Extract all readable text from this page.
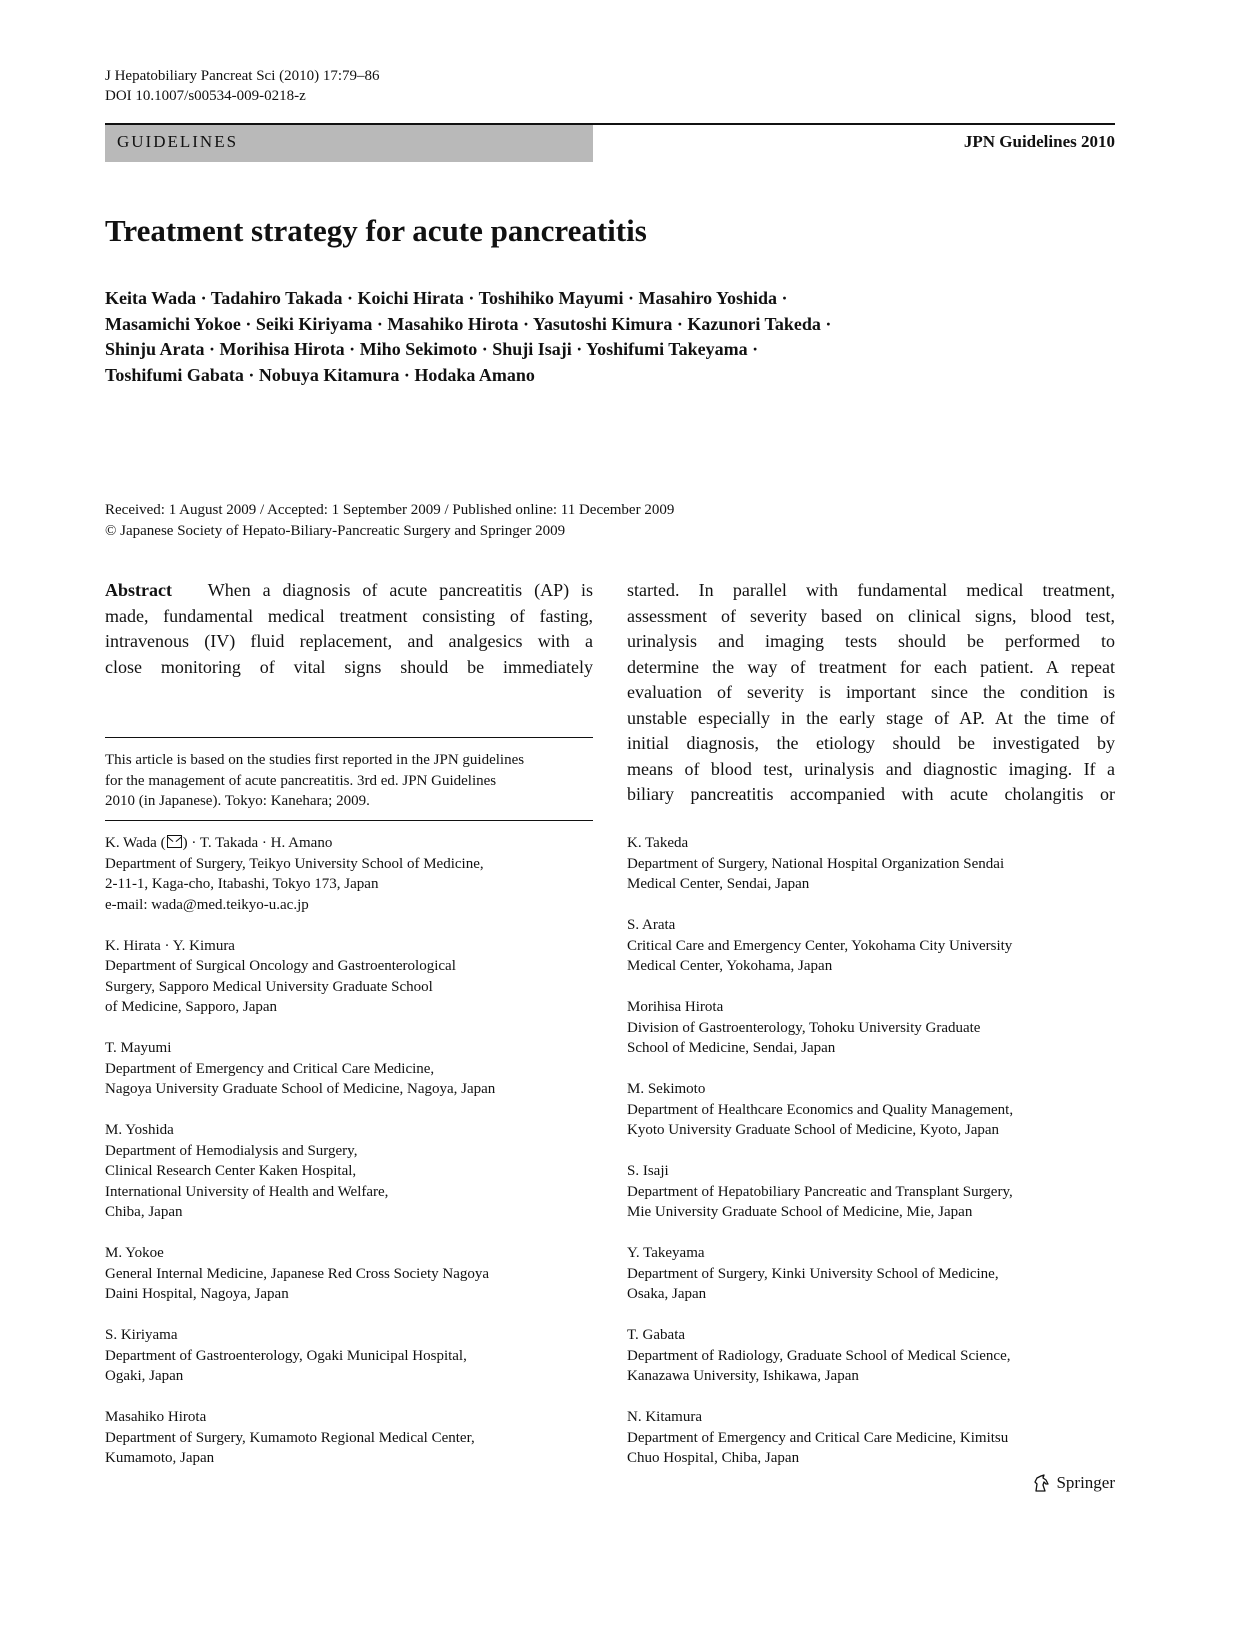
J Hepatobiliary Pancreat Sci (2010) 17:79–86
DOI 10.1007/s00534-009-0218-z
GUIDELINES	JPN Guidelines 2010
Treatment strategy for acute pancreatitis
Keita Wada · Tadahiro Takada · Koichi Hirata · Toshihiko Mayumi · Masahiro Yoshida ·
Masamichi Yokoe · Seiki Kiriyama · Masahiko Hirota · Yasutoshi Kimura · Kazunori Takeda ·
Shinju Arata · Morihisa Hirota · Miho Sekimoto · Shuji Isaji · Yoshifumi Takeyama ·
Toshifumi Gabata · Nobuya Kitamura · Hodaka Amano
Received: 1 August 2009 / Accepted: 1 September 2009 / Published online: 11 December 2009
© Japanese Society of Hepato-Biliary-Pancreatic Surgery and Springer 2009
Abstract When a diagnosis of acute pancreatitis (AP) is
made, fundamental medical treatment consisting of fasting,
intravenous (IV) fluid replacement, and analgesics with a
close monitoring of vital signs should be immediately
started. In parallel with fundamental medical treatment,
assessment of severity based on clinical signs, blood test,
urinalysis and imaging tests should be performed to
determine the way of treatment for each patient. A repeat
evaluation of severity is important since the condition is
unstable especially in the early stage of AP. At the time of
initial diagnosis, the etiology should be investigated by
means of blood test, urinalysis and diagnostic imaging. If a
biliary pancreatitis accompanied with acute cholangitis or
This article is based on the studies first reported in the JPN guidelines
for the management of acute pancreatitis. 3rd ed. JPN Guidelines
2010 (in Japanese). Tokyo: Kanehara; 2009.
K. Wada ( ) · T. Takada · H. Amano
Department of Surgery, Teikyo University School of Medicine,
2-11-1, Kaga-cho, Itabashi, Tokyo 173, Japan
e-mail: wada@med.teikyo-u.ac.jp
K. Hirata · Y. Kimura
Department of Surgical Oncology and Gastroenterological
Surgery, Sapporo Medical University Graduate School
of Medicine, Sapporo, Japan
T. Mayumi
Department of Emergency and Critical Care Medicine,
Nagoya University Graduate School of Medicine, Nagoya, Japan
M. Yoshida
Department of Hemodialysis and Surgery,
Clinical Research Center Kaken Hospital,
International University of Health and Welfare,
Chiba, Japan
M. Yokoe
General Internal Medicine, Japanese Red Cross Society Nagoya
Daini Hospital, Nagoya, Japan
S. Kiriyama
Department of Gastroenterology, Ogaki Municipal Hospital,
Ogaki, Japan
Masahiko Hirota
Department of Surgery, Kumamoto Regional Medical Center,
Kumamoto, Japan
K. Takeda
Department of Surgery, National Hospital Organization Sendai
Medical Center, Sendai, Japan
S. Arata
Critical Care and Emergency Center, Yokohama City University
Medical Center, Yokohama, Japan
Morihisa Hirota
Division of Gastroenterology, Tohoku University Graduate
School of Medicine, Sendai, Japan
M. Sekimoto
Department of Healthcare Economics and Quality Management,
Kyoto University Graduate School of Medicine, Kyoto, Japan
S. Isaji
Department of Hepatobiliary Pancreatic and Transplant Surgery,
Mie University Graduate School of Medicine, Mie, Japan
Y. Takeyama
Department of Surgery, Kinki University School of Medicine,
Osaka, Japan
T. Gabata
Department of Radiology, Graduate School of Medical Science,
Kanazawa University, Ishikawa, Japan
N. Kitamura
Department of Emergency and Critical Care Medicine, Kimitsu
Chuo Hospital, Chiba, Japan
Springer
